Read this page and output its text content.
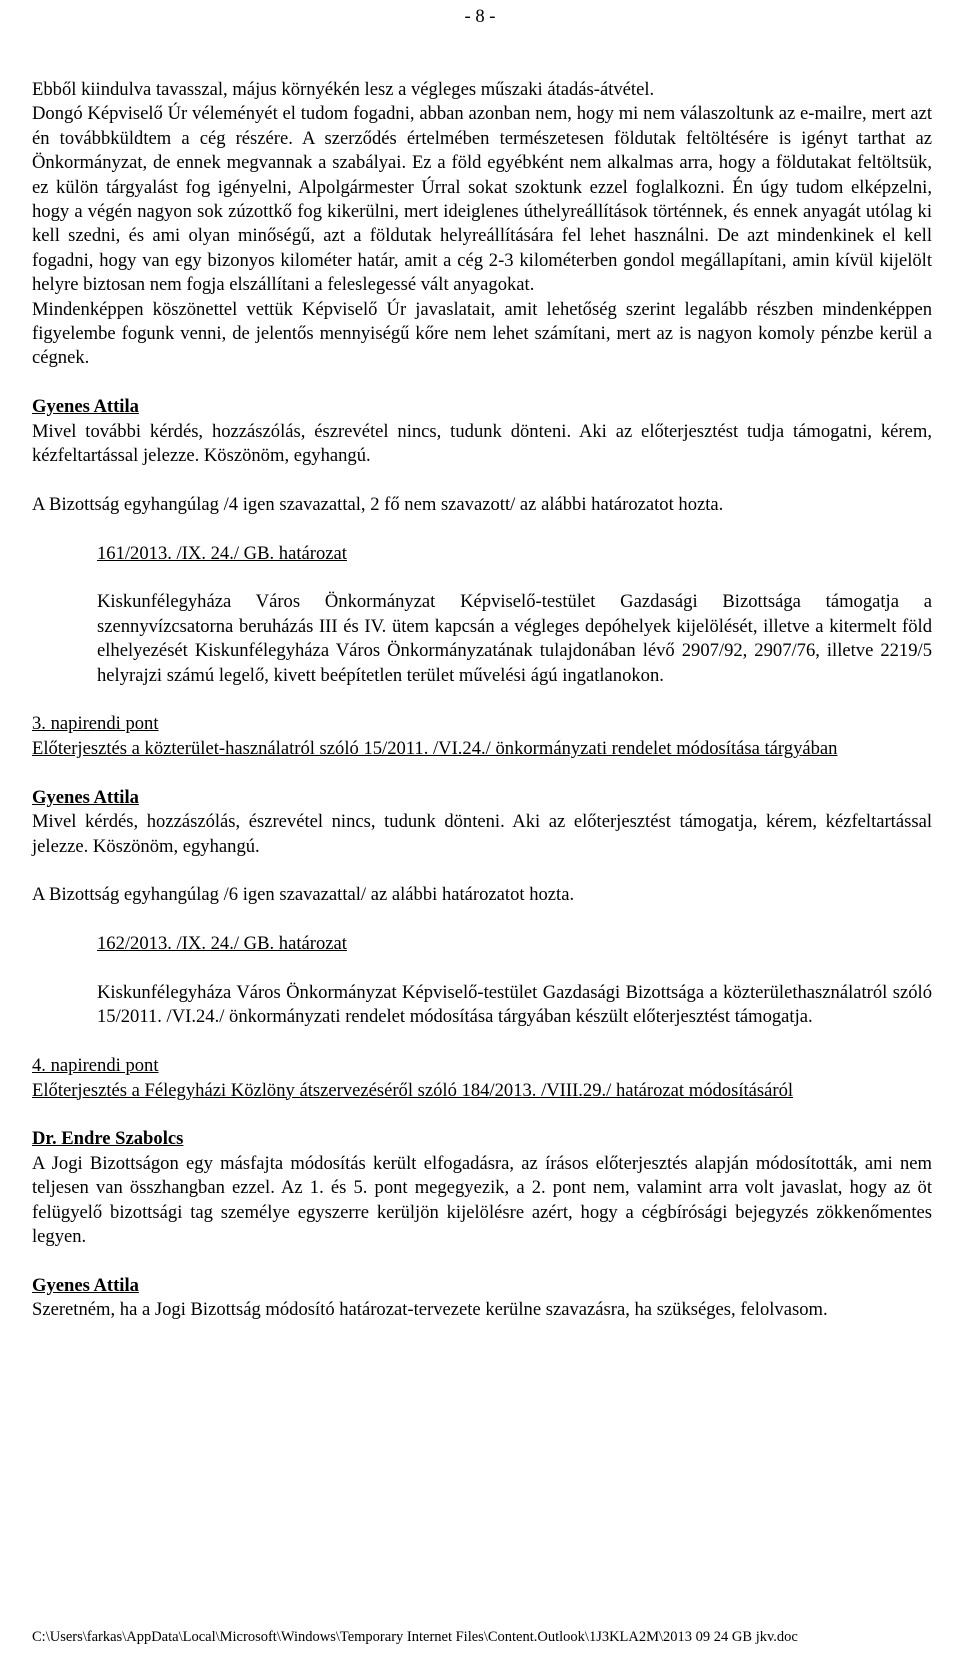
- 8 -

Ebből kiindulva tavasszal, május környékén lesz a végleges műszaki átadás-átvétel.

Dongó Képviselő Úr véleményét el tudom fogadni, abban azonban nem, hogy mi nem válaszoltunk az e-mailre, mert azt én továbbküldtem a cég részére. A szerződés értelmében természetesen földutak feltöltésére is igényt tarthat az Önkormányzat, de ennek megvannak a szabályai. Ez a föld egyébként nem alkalmas arra, hogy a földutakat feltöltsük, ez külön tárgyalást fog igényelni, Alpolgármester Úrral sokat szoktunk ezzel foglalkozni. Én úgy tudom elképzelni, hogy a végén nagyon sok zúzottkő fog kikerülni, mert ideiglenes úthelyreállítások történnek, és ennek anyagát utólag ki kell szedni, és ami olyan minőségű, azt a földutak helyreállítására fel lehet használni. De azt mindenkinek el kell fogadni, hogy van egy bizonyos kilométer határ, amit a cég 2-3 kilométerben gondol megállapítani, amin kívül kijelölt helyre biztosan nem fogja elszállítani a feleslegessé vált anyagokat.

Mindenképpen köszönettel vettük Képviselő Úr javaslatait, amit lehetőség szerint legalább részben mindenképpen figyelembe fogunk venni, de jelentős mennyiségű kőre nem lehet számítani, mert az is nagyon komoly pénzbe kerül a cégnek.

Gyenes Attila

Mivel további kérdés, hozzászólás, észrevétel nincs, tudunk dönteni. Aki az előterjesztést tudja támogatni, kérem, kézfeltartással jelezze. Köszönöm, egyhangú.

A Bizottság egyhangúlag /4 igen szavazattal, 2 fő nem szavazott/ az alábbi határozatot hozta.

161/2013. /IX. 24./ GB. határozat

Kiskunfélegyháza Város Önkormányzat Képviselő-testület Gazdasági Bizottsága támogatja a szennyvízcsatorna beruházás III és IV. ütem kapcsán a végleges depóhelyek kijelölését, illetve a kitermelt föld elhelyezését Kiskunfélegyháza Város Önkormányzatának tulajdonában lévő 2907/92, 2907/76, illetve 2219/5 helyrajzi számú legelő, kivett beépítetlen terület művelési ágú ingatlanokon.

3. napirendi pont

Előterjesztés a közterület-használatról szóló 15/2011. /VI.24./ önkormányzati rendelet módosítása tárgyában

Gyenes Attila

Mivel kérdés, hozzászólás, észrevétel nincs, tudunk dönteni. Aki az előterjesztést támogatja, kérem, kézfeltartással jelezze. Köszönöm, egyhangú.

A Bizottság egyhangúlag /6 igen szavazattal/ az alábbi határozatot hozta.

162/2013. /IX. 24./ GB. határozat

Kiskunfélegyháza Város Önkormányzat Képviselő-testület Gazdasági Bizottsága a közterülethasználatról szóló 15/2011. /VI.24./ önkormányzati rendelet módosítása tárgyában készült előterjesztést támogatja.

4. napirendi pont

Előterjesztés a Félegyházi Közlöny átszervezéséről szóló 184/2013. /VIII.29./ határozat módosításáról

Dr. Endre Szabolcs

A Jogi Bizottságon egy másfajta módosítás került elfogadásra, az írásos előterjesztés alapján módosították, ami nem teljesen van összhangban ezzel. Az 1. és 5. pont megegyezik, a 2. pont nem, valamint arra volt javaslat, hogy az öt felügyelő bizottsági tag személye egyszerre kerüljön kijelölésre azért, hogy a cégbírósági bejegyzés zökkenőmentes legyen.

Gyenes Attila

Szeretném, ha a Jogi Bizottság módosító határozat-tervezete kerülne szavazásra, ha szükséges, felolvasom.

C:\Users\farkas\AppData\Local\Microsoft\Windows\Temporary Internet Files\Content.Outlook\1J3KLA2M\2013 09 24 GB jkv.doc
